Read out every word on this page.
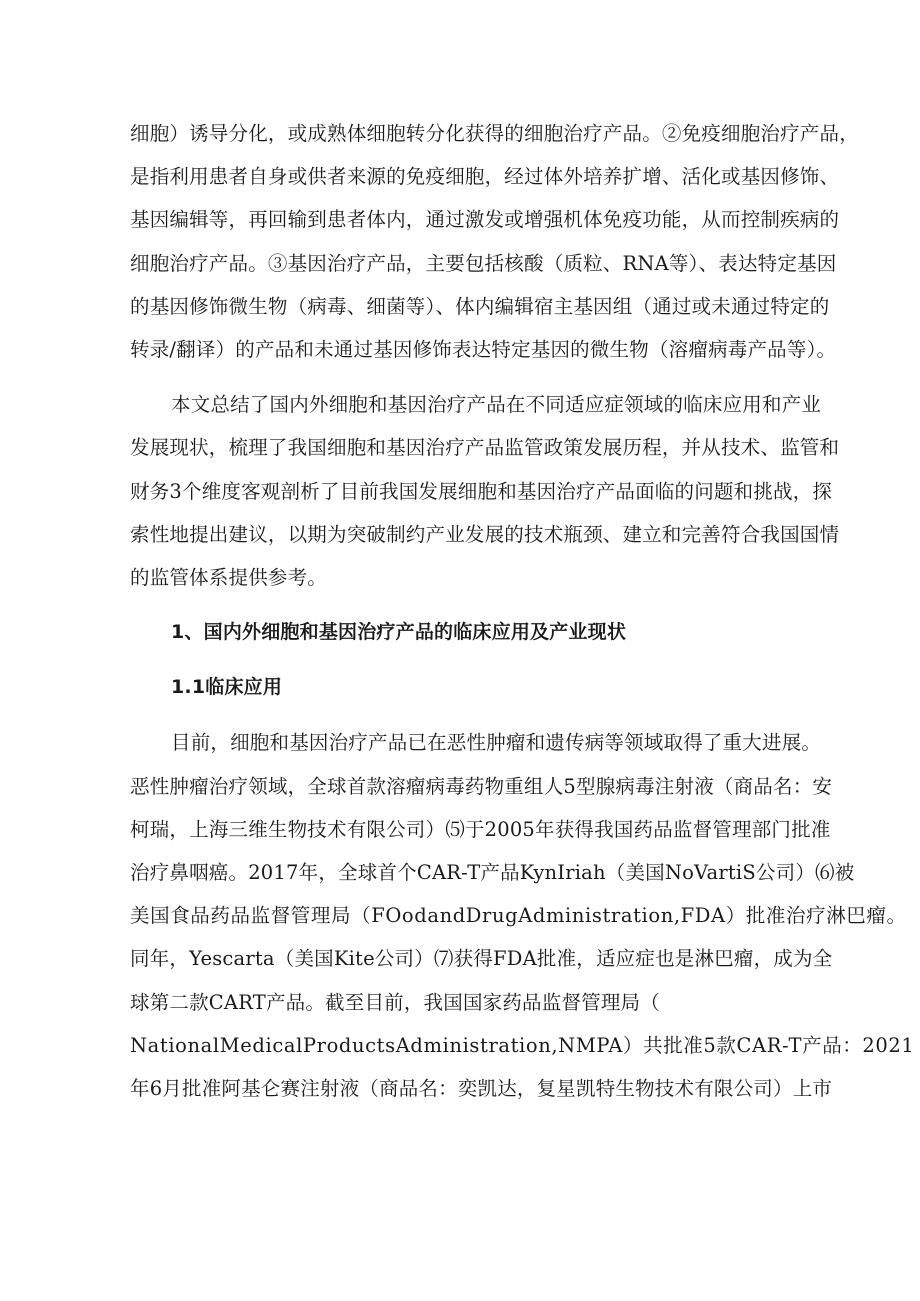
细胞）诱导分化，或成熟体细胞转分化获得的细胞治疗产品。②免疫细胞治疗产品，
是指利用患者自身或供者来源的免疫细胞，经过体外培养扩增、活化或基因修饰、
基因编辑等，再回输到患者体内，通过激发或增强机体免疫功能，从而控制疾病的
细胞治疗产品。③基因治疗产品，主要包括核酸（质粒、RNA等）、表达特定基因
的基因修饰微生物（病毒、细菌等）、体内编辑宿主基因组（通过或未通过特定的
转录/翻译）的产品和未通过基因修饰表达特定基因的微生物（溶瘤病毒产品等）。
本文总结了国内外细胞和基因治疗产品在不同适应症领域的临床应用和产业
发展现状，梳理了我国细胞和基因治疗产品监管政策发展历程，并从技术、监管和
财务3个维度客观剖析了目前我国发展细胞和基因治疗产品面临的问题和挑战，探
索性地提出建议，以期为突破制约产业发展的技术瓶颈、建立和完善符合我国国情
的监管体系提供参考。
1、国内外细胞和基因治疗产品的临床应用及产业现状
1.1临床应用
目前，细胞和基因治疗产品已在恶性肿瘤和遗传病等领域取得了重大进展。
恶性肿瘤治疗领域，全球首款溶瘤病毒药物重组人5型腺病毒注射液（商品名：安
柯瑞，上海三维生物技术有限公司）⑸于2005年获得我国药品监督管理部门批准
治疗鼻咽癌。2017年，全球首个CAR-T产品KynIriah（美国NoVartiS公司）⑹被
美国食品药品监督管理局（FOodandDrugAdministration,FDA）批准治疗淋巴瘤。
同年，Yescarta（美国Kite公司）⑺获得FDA批准，适应症也是淋巴瘤，成为全
球第二款CART产品。截至目前，我国国家药品监督管理局（
NationalMedicalProductsAdministration,NMPA）共批准5款CAR-T产品：2021
年6月批准阿基仑赛注射液（商品名：奕凯达，复星凯特生物技术有限公司）上市
